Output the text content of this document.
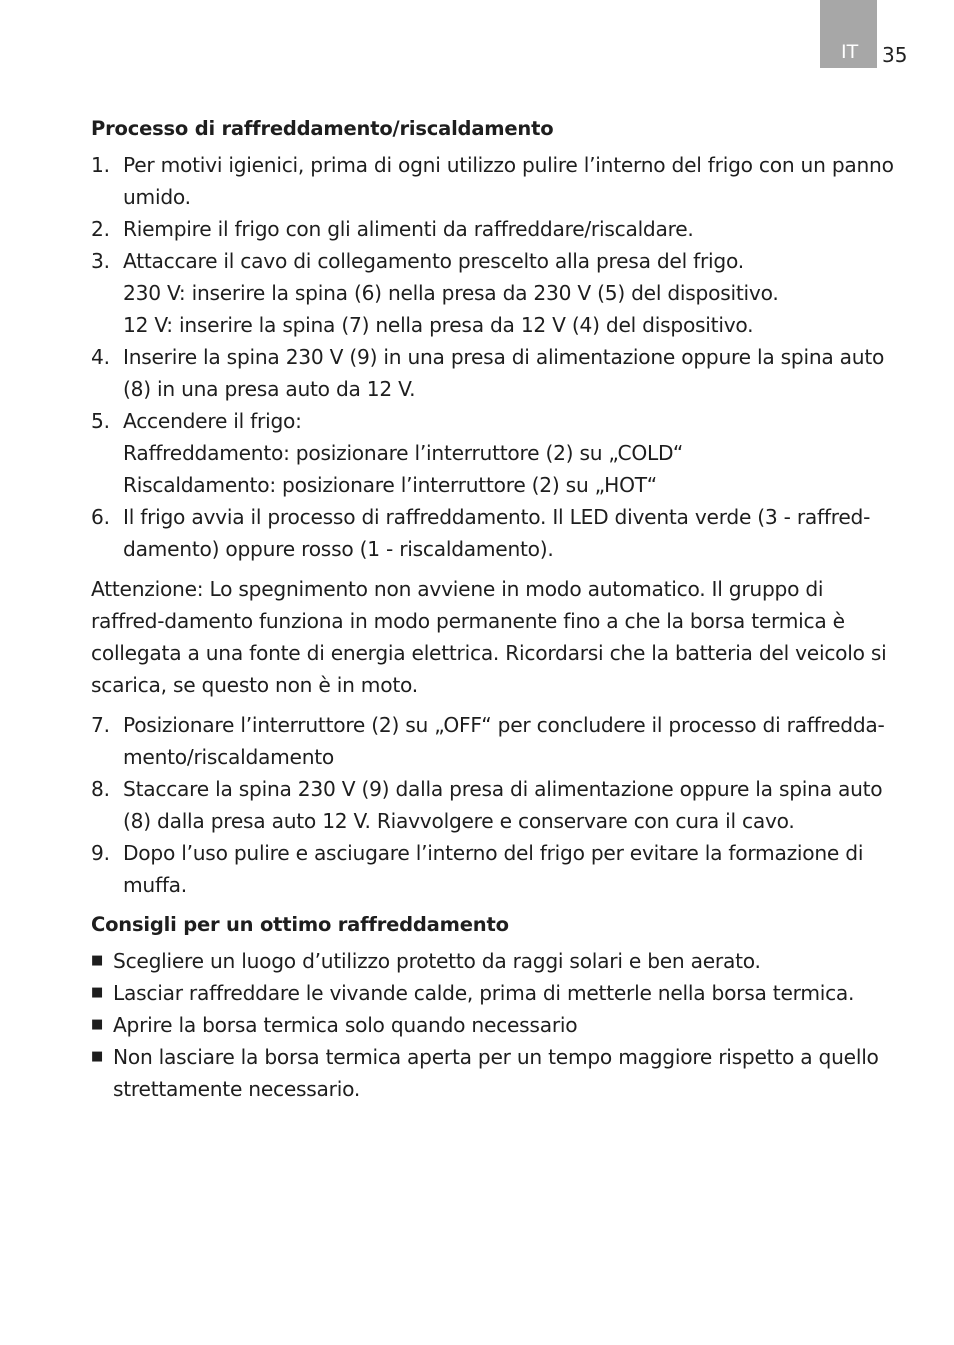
IT	35
Processo di raffreddamento/riscaldamento
1. Per motivi igienici, prima di ogni utilizzo pulire l’interno del frigo con un panno umido.
2. Riempire il frigo con gli alimenti da raffreddare/riscaldare.
3. Attaccare il cavo di collegamento prescelto alla presa del frigo.
230 V: inserire la spina (6) nella presa da 230 V (5) del dispositivo.
12 V: inserire la spina (7) nella presa da 12 V (4) del dispositivo.
4. Inserire la spina 230 V (9) in una presa di alimentazione oppure la spina auto (8) in una presa auto da 12 V.
5. Accendere il frigo:
Raffreddamento: posizionare l’interruttore (2) su „COLD“
Riscaldamento: posizionare l’interruttore (2) su „HOT“
6. Il frigo avvia il processo di raffreddamento. Il LED diventa verde (3 - raffred-damento) oppure rosso (1 - riscaldamento).

Attenzione: Lo spegnimento non avviene in modo automatico. Il gruppo di raffred-damento funziona in modo permanente fino a che la borsa termica è collegata a una fonte di energia elettrica. Ricordarsi che la batteria del veicolo si scarica, se questo non è in moto.

7. Posizionare l’interruttore (2) su „OFF“ per concludere il processo di raffredda-mento/riscaldamento
8. Staccare la spina 230 V (9) dalla presa di alimentazione oppure la spina auto (8) dalla presa auto 12 V. Riavvolgere e conservare con cura il cavo.
9. Dopo l’uso pulire e asciugare l’interno del frigo per evitare la formazione di muffa.
Consigli per un ottimo raffreddamento
■ Scegliere un luogo d’utilizzo protetto da raggi solari e ben aerato.
■ Lasciar raffreddare le vivande calde, prima di metterle nella borsa termica.
■ Aprire la borsa termica solo quando necessario
■ Non lasciare la borsa termica aperta per un tempo maggiore rispetto a quello strettamente necessario.
